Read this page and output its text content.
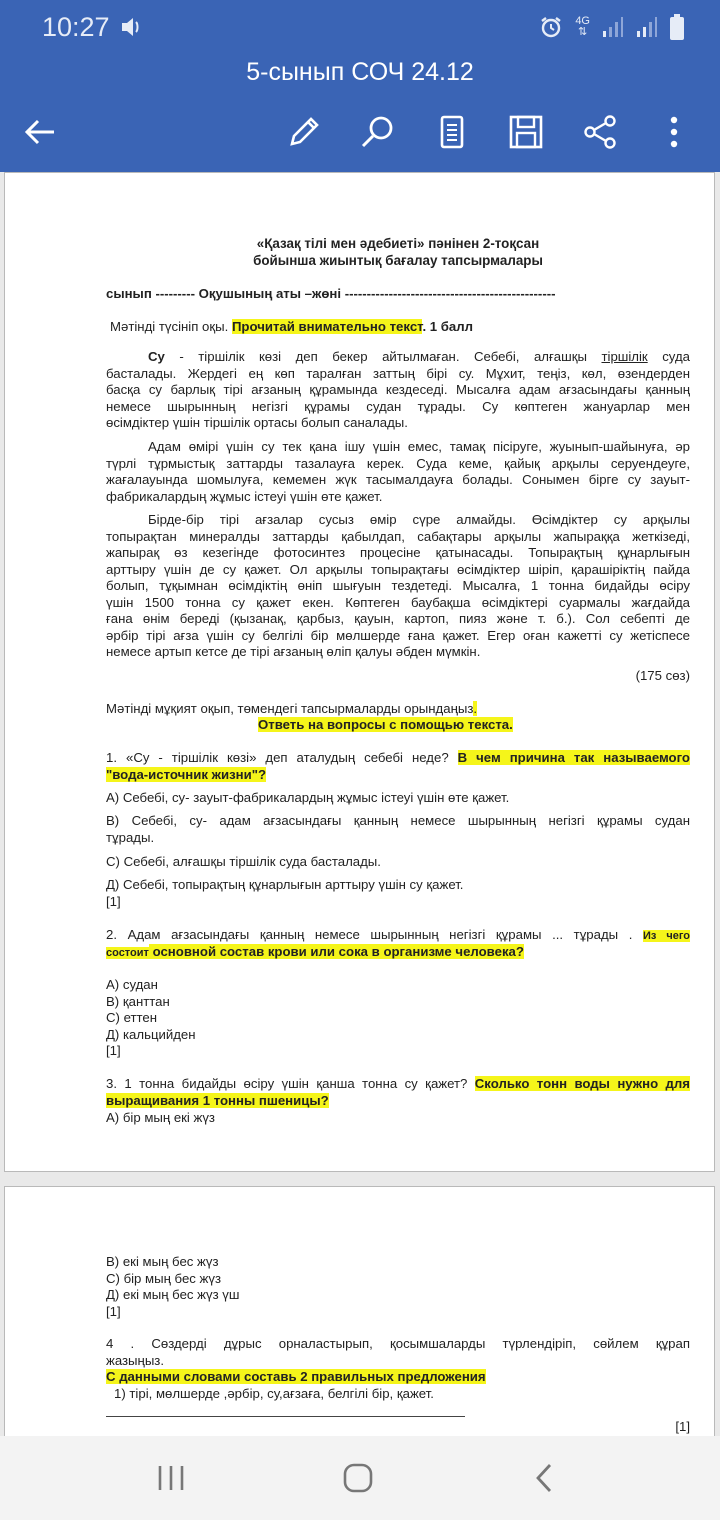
10:27	4G
⇅
5-сынып СОЧ 24.12
«Қазақ тілі мен әдебиеті» пәнінен 2-тоқсан
бойынша жиынтық бағалау тапсырмалары
сынып --------- Оқушының аты –жөні ------------------------------------------------
Мәтінді түсініп оқы. Прочитай внимательно текст. 1 балл
Су - тіршілік көзі деп бекер айтылмаған. Себебі, алғашқы тіршілік суда
басталады. Жердегі ең көп таралған заттың бірі су. Мұхит, теңіз, көл, өзендерден
басқа су барлық тірі ағзаның құрамында кездеседі. Мысалға адам ағзасындағы қанның
немесе шырынның негізгі құрамы судан тұрады. Су көптеген жануарлар мен
өсімдіктер үшін тіршілік ортасы болып саналады.
Адам өмірі үшін су тек қана ішу үшін емес, тамақ пісіруге, жуынып-шайынуға, әр
түрлі тұрмыстық заттарды тазалауға керек. Суда кеме, қайық арқылы серуендеуге,
жағалауында шомылуға, кемемен жүк тасымалдауға болады. Сонымен бірге су зауыт-
фабрикалардың жұмыс істеуі үшін өте қажет.
Бірде-бір тірі ағзалар сусыз өмір сүре алмайды. Өсімдіктер су арқылы
топырақтан минералды заттарды қабылдап, сабақтары арқылы жапыраққа жеткізеді,
жапырақ өз кезегінде фотосинтез процесіне қатынасады. Топырақтың құнарлығын
арттыру үшін де су қажет. Ол арқылы топырақтағы өсімдіктер шіріп, қарашіріктің пайда
болып, тұқымнан өсімдіктің өніп шығуын тездетеді. Мысалға, 1 тонна бидайды өсіру
үшін 1500 тонна су қажет екен. Көптеген баубақша өсімдіктері суармалы жағдайда
ғана өнім береді (қызанақ, қарбыз, қауын, картоп, пияз және т. б.). Сол себепті де
әрбір тірі ағза үшін су белгілі бір мөлшерде ғана қажет. Егер оған кажетті су жетіспесе
немесе артып кетсе де тірі ағзаның өліп қалуы әбден мүмкін.
(175 сөз)
Мәтінді мұқият оқып, төмендегі тапсырмаларды орындаңыз.
Ответь на вопросы с помощью текста.
1. «Су - тіршілік көзі» деп аталудың себебі неде? В чем причина так называемого
"вода-источник жизни"?
А) Себебі, су- зауыт-фабрикалардың жұмыс істеуі үшін өте қажет.
В) Себебі, су- адам ағзасындағы қанның немесе шырынның негізгі құрамы судан
тұрады.
С) Себебі, алғашқы тіршілік суда басталады.
Д) Себебі, топырақтың құнарлығын арттыру үшін су қажет.
[1]
2. Адам ағзасындағы қанның немесе шырынның негізгі құрамы ... тұрады . Из чего
состоит основной состав крови или сока в организме человека?
А) судан
В) қанттан
С) еттен
Д) кальцийден
[1]
3. 1 тонна бидайды өсіру үшін қанша тонна су қажет? Сколько тонн воды нужно для
выращивания 1 тонны пшеницы?
А) бір мың екі жүз
В) екі мың бес жүз
С) бір мың бес жүз
Д) екі мың бес жүз үш
[1]
4 . Сөздерді дұрыс орналастырып, қосымшаларды түрлендіріп, сөйлем құрап
жазыңыз.
С данными словами составь 2 правильных предложения
1) тірі, мөлшерде ,әрбір, су,ағзаға, белгілі бір, қажет.
[1]
